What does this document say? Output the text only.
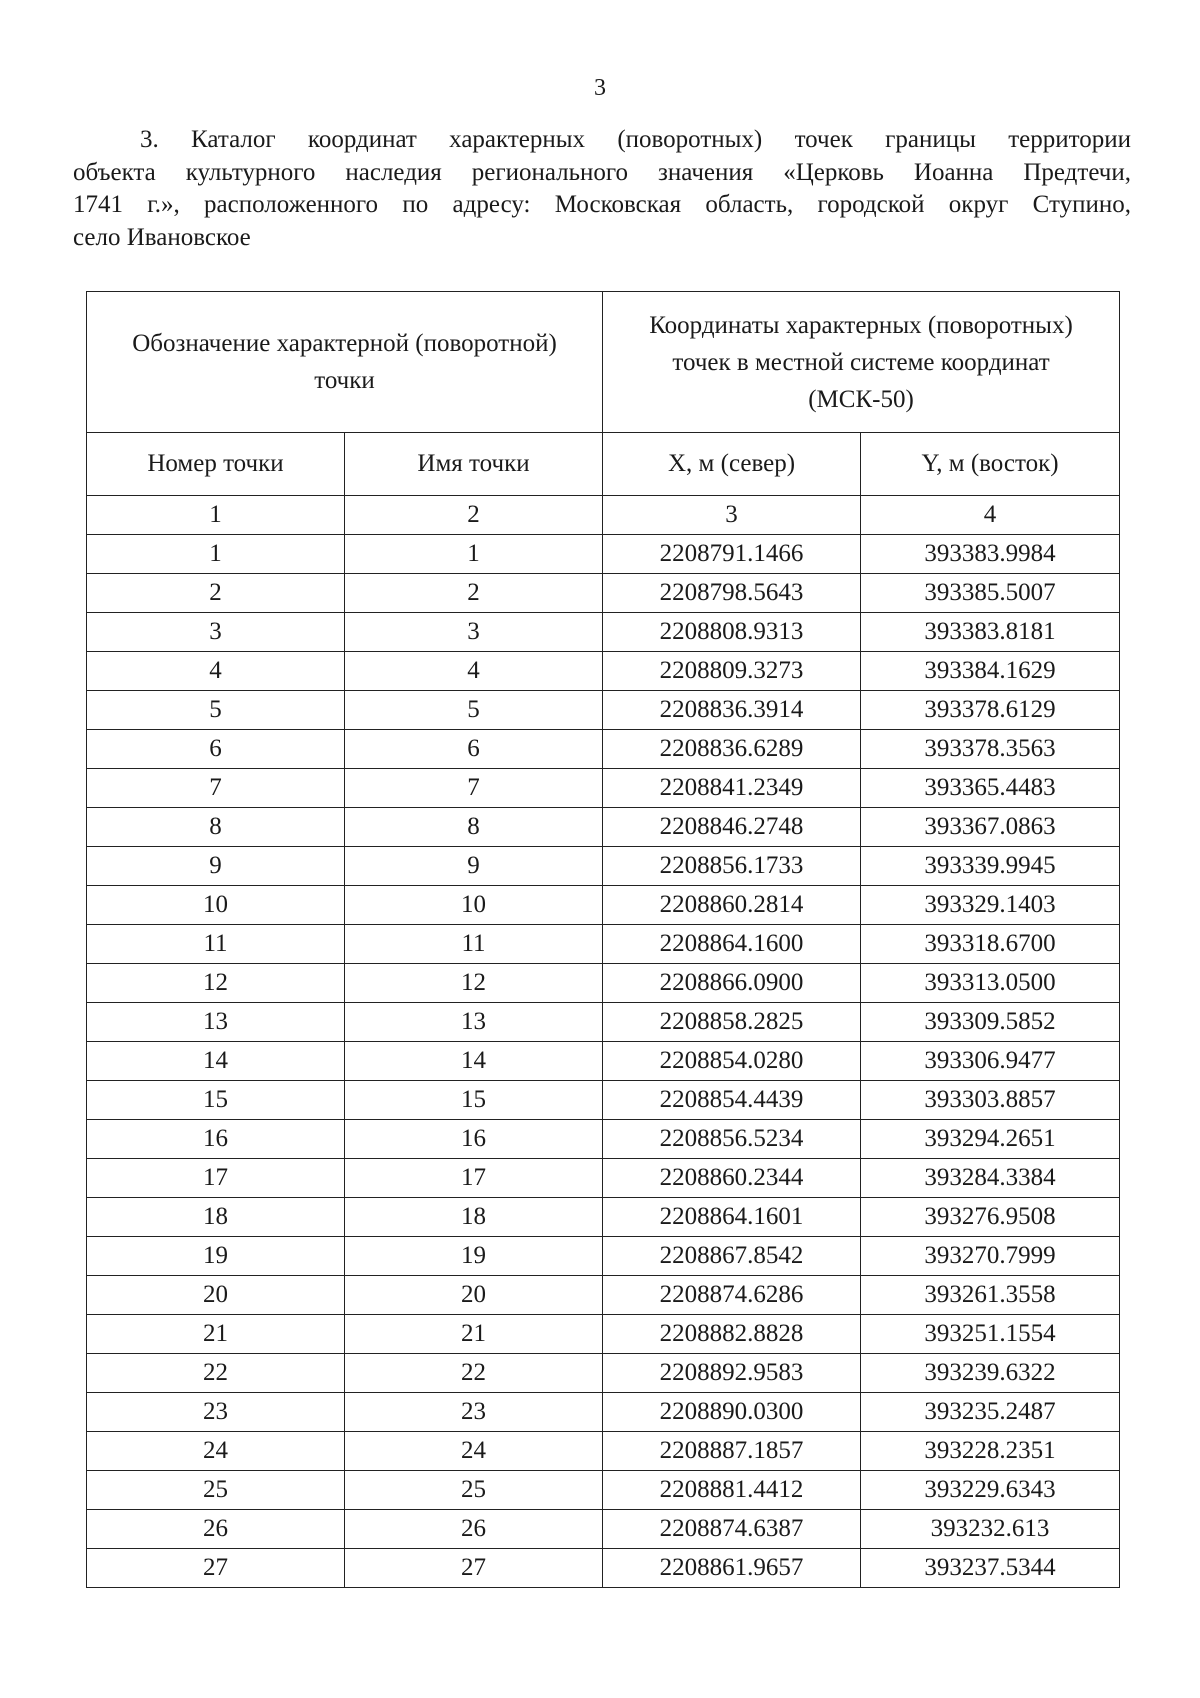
3

3. Каталог координат характерных (поворотных) точек границы территории
объекта культурного наследия регионального значения «Церковь Иоанна Предтечи,
1741 г.», расположенного по адресу: Московская область, городской округ Ступино,
село Ивановское

Обозначение характерной (поворотной) точки		Координаты характерных (поворотных) точек в местной системе координат (МСК-50)	
Номер точки	Имя точки	X, м (север)	Y, м (восток)
1	2	3	4
1	1	2208791.1466	393383.9984
2	2	2208798.5643	393385.5007
3	3	2208808.9313	393383.8181
4	4	2208809.3273	393384.1629
5	5	2208836.3914	393378.6129
6	6	2208836.6289	393378.3563
7	7	2208841.2349	393365.4483
8	8	2208846.2748	393367.0863
9	9	2208856.1733	393339.9945
10	10	2208860.2814	393329.1403
11	11	2208864.1600	393318.6700
12	12	2208866.0900	393313.0500
13	13	2208858.2825	393309.5852
14	14	2208854.0280	393306.9477
15	15	2208854.4439	393303.8857
16	16	2208856.5234	393294.2651
17	17	2208860.2344	393284.3384
18	18	2208864.1601	393276.9508
19	19	2208867.8542	393270.7999
20	20	2208874.6286	393261.3558
21	21	2208882.8828	393251.1554
22	22	2208892.9583	393239.6322
23	23	2208890.0300	393235.2487
24	24	2208887.1857	393228.2351
25	25	2208881.4412	393229.6343
26	26	2208874.6387	393232.613
27	27	2208861.9657	393237.5344
